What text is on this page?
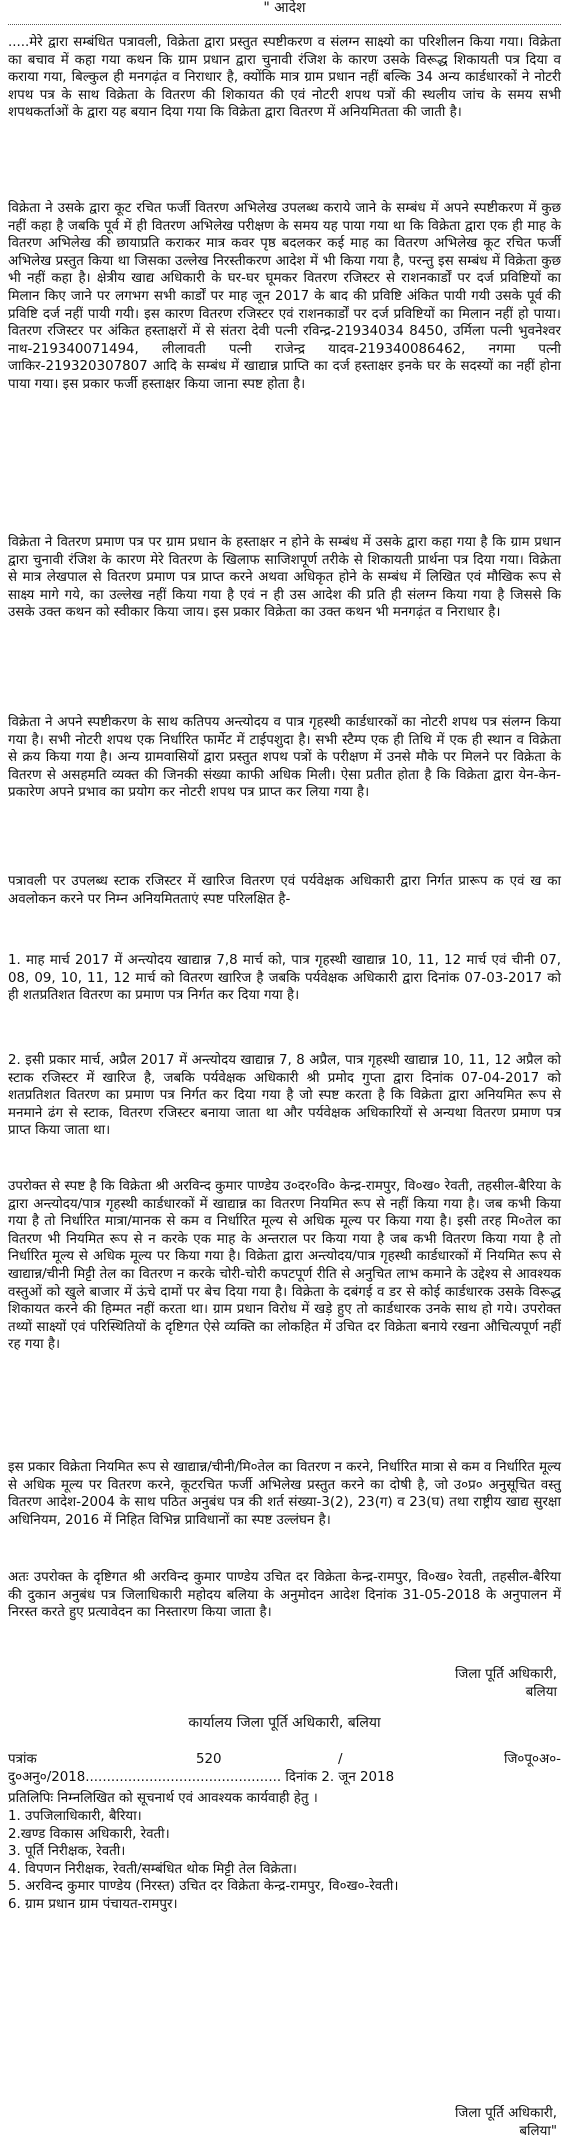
" आदेश

.....मेरे द्वारा सम्बंधित पत्रावली, विक्रेता द्वारा प्रस्तुत स्पष्टीकरण व संलग्न साक्ष्यो का परिशीलन किया गया। विक्रेता का बचाव में कहा गया कथन कि ग्राम प्रधान द्वारा चुनावी रंजिश के कारण उसके विरूद्ध शिकायती पत्र दिया व कराया गया, बिल्कुल ही मनगढ़ंत व निराधार है, क्योंकि मात्र ग्राम प्रधान नहीं बल्कि 34 अन्य कार्डधारकों ने नोटरी शपथ पत्र के साथ विक्रेता के वितरण की शिकायत की एवं नोटरी शपथ पत्रों की स्थलीय जांच के समय सभी शपथकर्ताओं के द्वारा यह बयान दिया गया कि विक्रेता द्वारा वितरण में अनियमितता की जाती है।

विक्रेता ने उसके द्वारा कूट रचित फर्जी वितरण अभिलेख उपलब्ध कराये जाने के सम्बंध में अपने स्पष्टीकरण में कुछ नहीं कहा है जबकि पूर्व में ही वितरण अभिलेख परीक्षण के समय यह पाया गया था कि विक्रेता द्वारा एक ही माह के वितरण अभिलेख की छायाप्रति कराकर मात्र कवर पृष्ठ बदलकर कई माह का वितरण अभिलेख कूट रचित फर्जी अभिलेख प्रस्तुत किया था जिसका उल्लेख निरस्तीकरण आदेश में भी किया गया है, परन्तु इस सम्बंध में विक्रेता कुछ भी नहीं कहा है। क्षेत्रीय खाद्य अधिकारी के घर-घर घूमकर वितरण रजिस्टर से राशनकार्डों पर दर्ज प्रविष्टियों का मिलान किए जाने पर लगभग सभी कार्डों पर माह जून 2017 के बाद की प्रविष्टि अंकित पायी गयी उसके पूर्व की प्रविष्टि दर्ज नहीं पायी गयी। इस कारण वितरण रजिस्टर एवं राशनकार्डों पर दर्ज प्रविष्टियों का मिलान नहीं हो पाया। वितरण रजिस्टर पर अंकित हस्ताक्षरों में से संतरा देवी पत्नी रविन्द्र-21934034 8450, उर्मिला पत्नी भुवनेश्वर नाथ-219340071494, लीलावती पत्नी राजेन्द्र यादव-219340086462, नगमा पत्नी जाकिर-219320307807 आदि के सम्बंध में खाद्यान्न प्राप्ति का दर्ज हस्ताक्षर इनके घर के सदस्यों का नहीं होना पाया गया। इस प्रकार फर्जी हस्ताक्षर किया जाना स्पष्ट होता है।

विक्रेता ने वितरण प्रमाण पत्र पर ग्राम प्रधान के हस्ताक्षर न होने के सम्बंध में उसके द्वारा कहा गया है कि ग्राम प्रधान द्वारा चुनावी रंजिश के कारण मेरे वितरण के खिलाफ साजिशपूर्ण तरीके से शिकायती प्रार्थना पत्र दिया गया। विक्रेता से मात्र लेखपाल से वितरण प्रमाण पत्र प्राप्त करने अथवा अधिकृत होने के सम्बंध में लिखित एवं मौखिक रूप से साक्ष्य मागे गये, का उल्लेख नहीं किया गया है एवं न ही उस आदेश की प्रति ही संलग्न किया गया है जिससे कि उसके उक्त कथन को स्वीकार किया जाय। इस प्रकार विक्रेता का उक्त कथन भी मनगढ़ंत व निराधार है।

विक्रेता ने अपने स्पष्टीकरण के साथ कतिपय अन्त्योदय व पात्र गृहस्थी कार्डधारकों का नोटरी शपथ पत्र संलग्न किया गया है। सभी नोटरी शपथ एक निर्धारित फार्मेट में टाईपशुदा है। सभी स्टैम्प एक ही तिथि में एक ही स्थान व विक्रेता से क्रय किया गया है। अन्य ग्रामवासियों द्वारा प्रस्तुत शपथ पत्रों के परीक्षण में उनसे मौके पर मिलने पर विक्रेता के वितरण से असहमति व्यक्त की जिनकी संख्या काफी अधिक मिली। ऐसा प्रतीत होता है कि विक्रेता द्वारा येन-केन-प्रकारेण अपने प्रभाव का प्रयोग कर नोटरी शपथ पत्र प्राप्त कर लिया गया है।

पत्रावली पर उपलब्ध स्टाक रजिस्टर में खारिज वितरण एवं पर्यवेक्षक अधिकारी द्वारा निर्गत प्रारूप क एवं ख का अवलोकन करने पर निम्न अनियमितताएं स्पष्ट परिलक्षित है-

1. माह मार्च 2017 में अन्त्योदय खाद्यान्न 7,8 मार्च को, पात्र गृहस्थी खाद्यान्न 10, 11, 12 मार्च एवं चीनी 07, 08, 09, 10, 11, 12 मार्च को वितरण खारिज है जबकि पर्यवेक्षक अधिकारी द्वारा दिनांक 07-03-2017 को ही शतप्रतिशत वितरण का प्रमाण पत्र निर्गत कर दिया गया है।

2. इसी प्रकार मार्च, अप्रैल 2017 में अन्त्योदय खाद्यान्न 7, 8 अप्रैल, पात्र गृहस्थी खाद्यान्न 10, 11, 12 अप्रैल को स्टाक रजिस्टर में खारिज है, जबकि पर्यवेक्षक अधिकारी श्री प्रमोद गुप्ता द्वारा दिनांक 07-04-2017 को शतप्रतिशत वितरण का प्रमाण पत्र निर्गत कर दिया गया है जो स्पष्ट करता है कि विक्रेता द्वारा अनियमित रूप से मनमाने ढंग से स्टाक, वितरण रजिस्टर बनाया जाता था और पर्यवेक्षक अधिकारियों से अन्यथा वितरण प्रमाण पत्र प्राप्त किया जाता था।

उपरोक्त से स्पष्ट है कि विक्रेता श्री अरविन्द कुमार पाण्डेय उ०दर०वि० केन्द्र-रामपुर, वि०ख० रेवती, तहसील-बैरिया के द्वारा अन्त्योदय/पात्र गृहस्थी कार्डधारकों में खाद्यान्न का वितरण नियमित रूप से नहीं किया गया है। जब कभी किया गया है तो निर्धारित मात्रा/मानक से कम व निर्धारित मूल्य से अधिक मूल्य पर किया गया है। इसी तरह मि०तेल का वितरण भी नियमित रूप से न करके एक माह के अन्तराल पर किया गया है जब कभी वितरण किया गया है तो निर्धारित मूल्य से अधिक मूल्य पर किया गया है। विक्रेता द्वारा अन्त्योदय/पात्र गृहस्थी कार्डधारकों में नियमित रूप से खाद्यान्न/चीनी मिट्टी तेल का वितरण न करके चोरी-चोरी कपटपूर्ण रीति से अनुचित लाभ कमाने के उद्देश्य से आवश्यक वस्तुओं को खुले बाजार में ऊंचे दामों पर बेच दिया गया है। विक्रेता के दबंगई व डर से कोई कार्डधारक उसके विरूद्ध शिकायत करने की हिम्मत नहीं करता था। ग्राम प्रधान विरोध में खड़े हुए तो कार्डधारक उनके साथ हो गये। उपरोक्त तथ्यों साक्ष्यों एवं परिस्थितियों के दृष्टिगत ऐसे व्यक्ति का लोकहित में उचित दर विक्रेता बनाये रखना औचित्यपूर्ण नहीं रह गया है।

इस प्रकार विक्रेता नियमित रूप से खाद्यान्न/चीनी/मि०तेल का वितरण न करने, निर्धारित मात्रा से कम व निर्धारित मूल्य से अधिक मूल्य पर वितरण करने, कूटरचित फर्जी अभिलेख प्रस्तुत करने का दोषी है, जो उ०प्र० अनुसूचित वस्तु वितरण आदेश-2004 के साथ पठित अनुबंध पत्र की शर्त संख्या-3(2), 23(ग) व 23(घ) तथा राष्ट्रीय खाद्य सुरक्षा अधिनियम, 2016 में निहित विभिन्न प्राविधानों का स्पष्ट उल्लंघन है।

अतः उपरोक्त के दृष्टिगत श्री अरविन्द कुमार पाण्डेय उचित दर विक्रेता केन्द्र-रामपुर, वि०ख० रेवती, तहसील-बैरिया की दुकान अनुबंध पत्र जिलाधिकारी महोदय बलिया के अनुमोदन आदेश दिनांक 31-05-2018 के अनुपालन में निरस्त करते हुए प्रत्यावेदन का निस्तारण किया जाता है।

जिला पूर्ति अधिकारी,
बलिया
कार्यालय जिला पूर्ति अधिकारी, बलिया
पत्रांक	520	/	जि०पू०अ०-
दु०अनु०/2018.............................................. दिनांक 2. जून 2018
प्रतिलिपिः निम्नलिखित को सूचनार्थ एवं आवश्यक कार्यवाही हेतु ।
1. उपजिलाधिकारी, बैरिया।
2.खण्ड विकास अधिकारी, रेवती।
3. पूर्ति निरीक्षक, रेवती।
4. विपणन निरीक्षक, रेवती/सम्बंधित थोक मिट्टी तेल विक्रेता।
5. अरविन्द कुमार पाण्डेय (निरस्त) उचित दर विक्रेता केन्द्र-रामपुर, वि०ख०-रेवती।
6. ग्राम प्रधान ग्राम पंचायत-रामपुर।
जिला पूर्ति अधिकारी,
बलिया"
